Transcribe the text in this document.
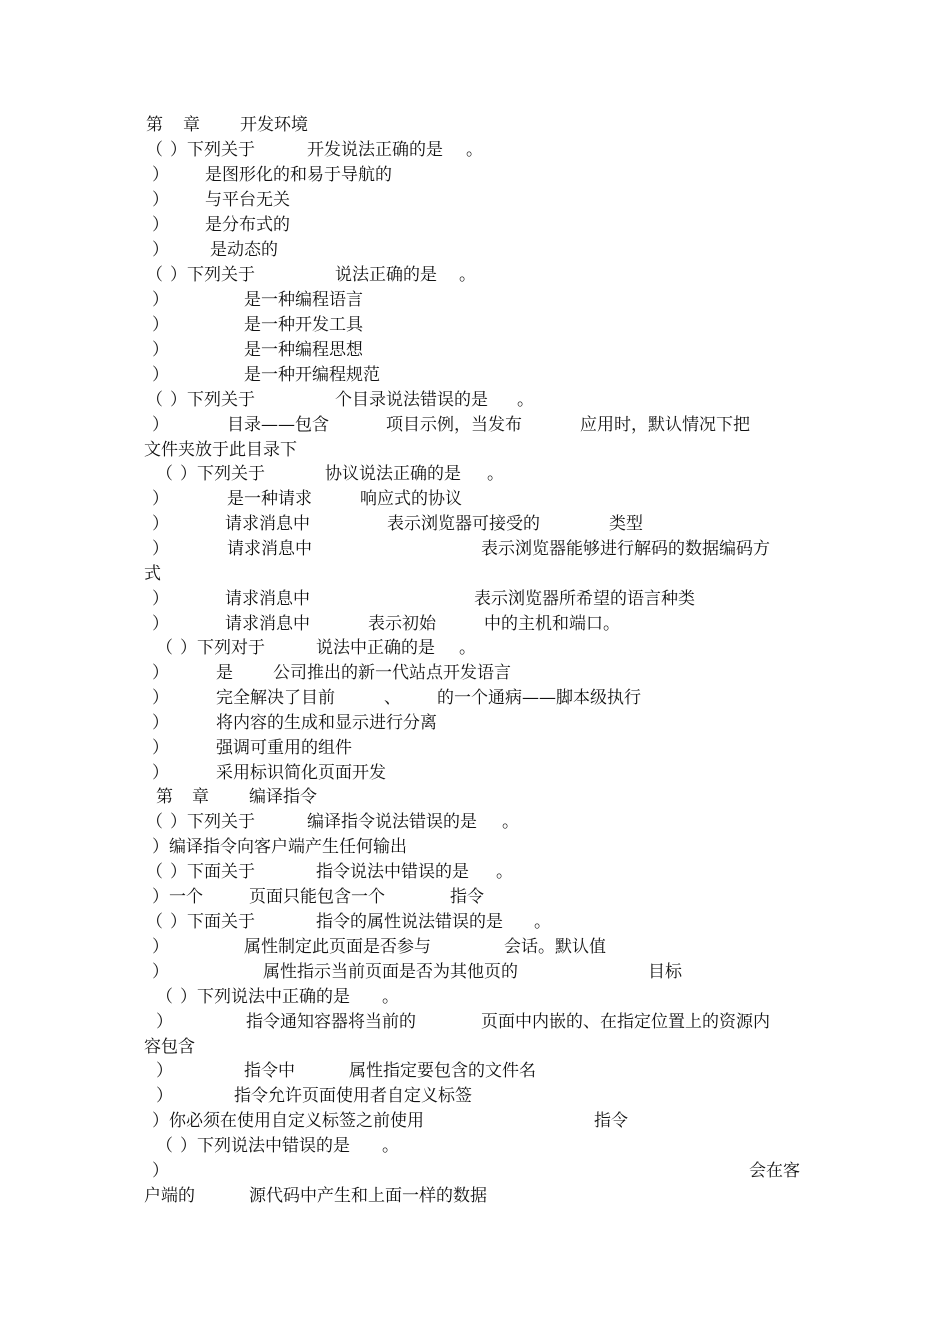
第

章

开发环境

（

）下列关于

	开发说法正确的是

。

）

是图形化的和易于导航的

）

与平台无关

）

是分布式的

）

是动态的

（

）下列关于

	说法正确的是

。

）

	是一种编程语言

）

	是一种开发工具

）

	是一种编程思想

）

	是一种开编程规范

（

）下列关于

	个目录说法错误的是

。

）

	目录——包含

	项目示例，当发布

	应用时，默认情况下把

文件夹放于此目录下

（

）下列关于

	协议说法正确的是

。

）

	是一种请求

	响应式的协议

）

	请求消息中

	表示浏览器可接受的

	类型

）

	请求消息中

	表示浏览器能够进行解码的数据编码方

式

）

	请求消息中

	表示浏览器所希望的语言种类

）

	请求消息中

	表示初始

	中的主机和端口。

（

）下列对于

	说法中正确的是

。

）

	是

公司推出的新一代站点开发语言

）

	完全解决了目前

	、

的一个通病——脚本级执行

）

	将内容的生成和显示进行分离

）

	强调可重用的组件

）

	采用标识简化页面开发

第

章

编译指令

（

）下列关于

	编译指令说法错误的是

。

）编译指令向客户端产生任何输出

（

）下面关于

	指令说法中错误的是

。

）一个

	页面只能包含一个

	指令

（

）下面关于

	指令的属性说法错误的是

。

）

	属性制定此页面是否参与

	会话。默认值

）

	属性指示当前页面是否为其他页的

	目标

（

）下列说法中正确的是

。

）

	指令通知容器将当前的

	页面中内嵌的、在指定位置上的资源内

容包含

）

	指令中

	属性指定要包含的文件名

）

	指令允许页面使用者自定义标签

）你必须在使用自定义标签之前使用

	指令

（

）下列说法中错误的是

。

）

	会在客

户端的

	源代码中产生和上面一样的数据
